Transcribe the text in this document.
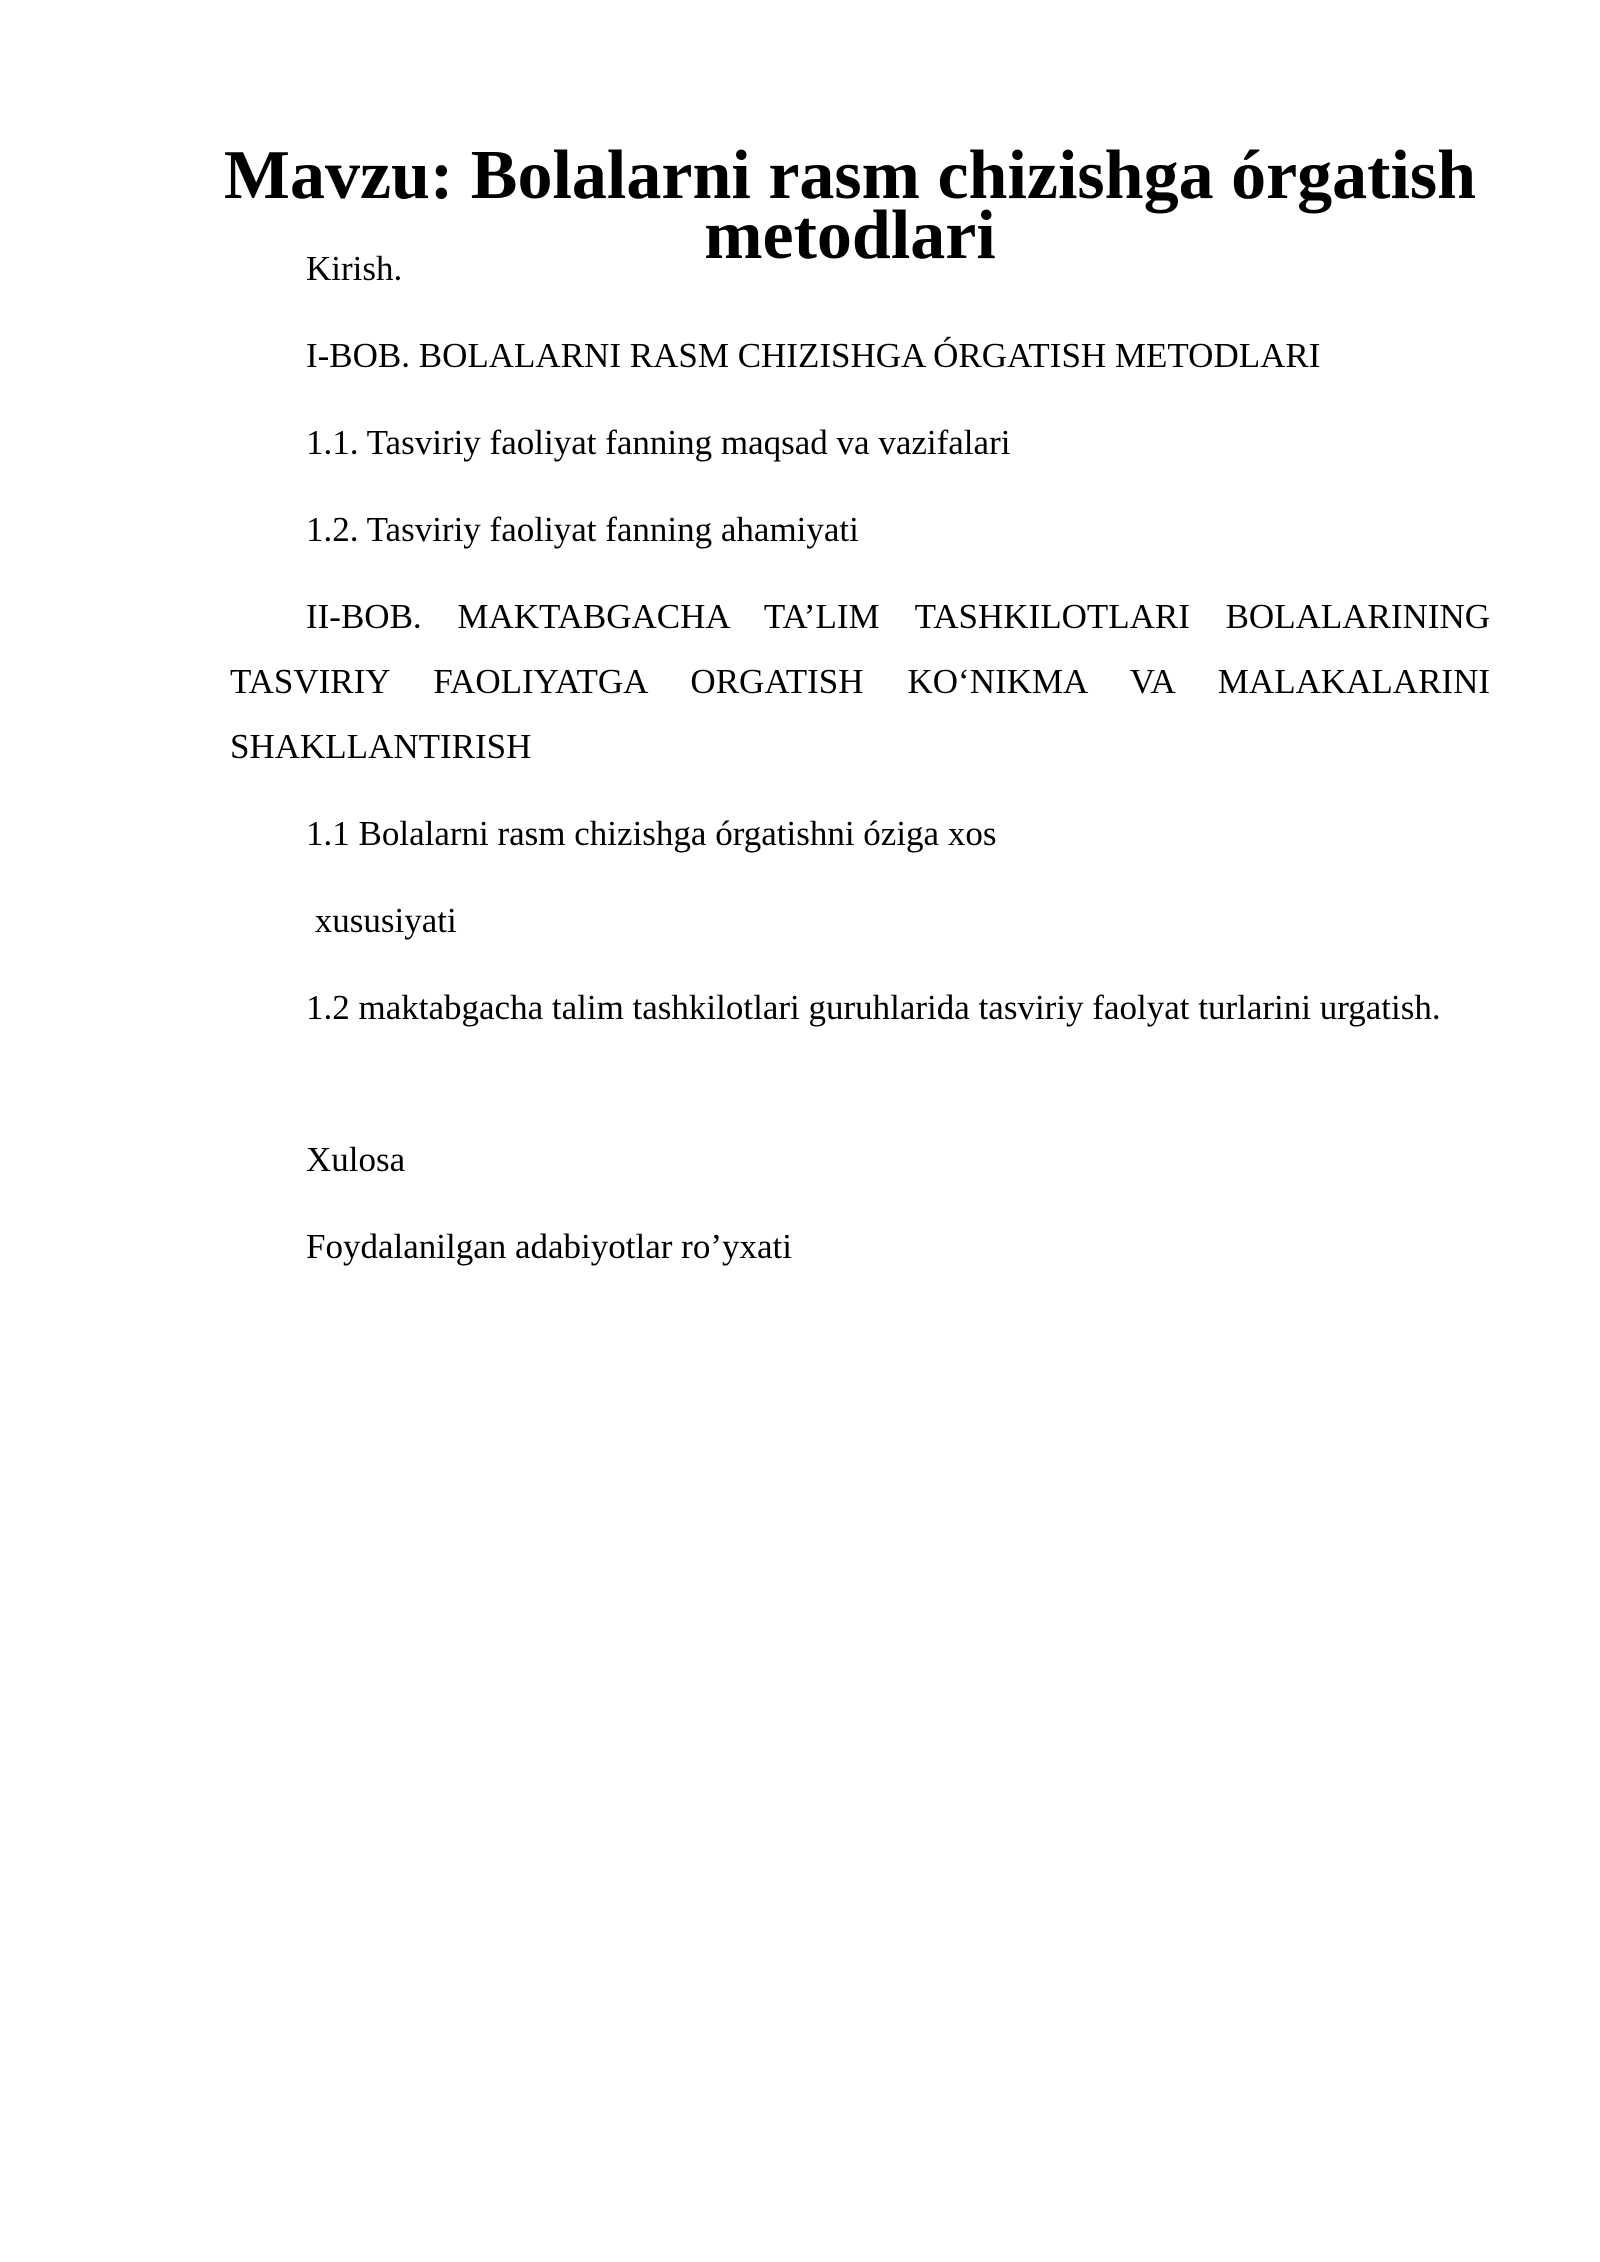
Mavzu: Bolalarni rasm chizishga órgatish metodlari

Kirish.

I-BOB. BOLALARNI RASM CHIZISHGA ÓRGATISH METODLARI

1.1. Tasviriy faoliyat fanning maqsad va vazifalari

1.2. Tasviriy faoliyat fanning ahamiyati

II-BOB. MAKTABGACHA TA’LIM TASHKILOTLARI BOLALARINING TASVIRIY FAOLIYATGA ORGATISH KO‘NIKMA VA MALAKALARINI SHAKLLANTIRISH

1.1 Bolalarni rasm chizishga órgatishni óziga xos

xususiyati

1.2 maktabgacha talim tashkilotlari guruhlarida tasviriy faolyat turlarini urgatish.

Xulosa

Foydalanilgan adabiyotlar ro’yxati
